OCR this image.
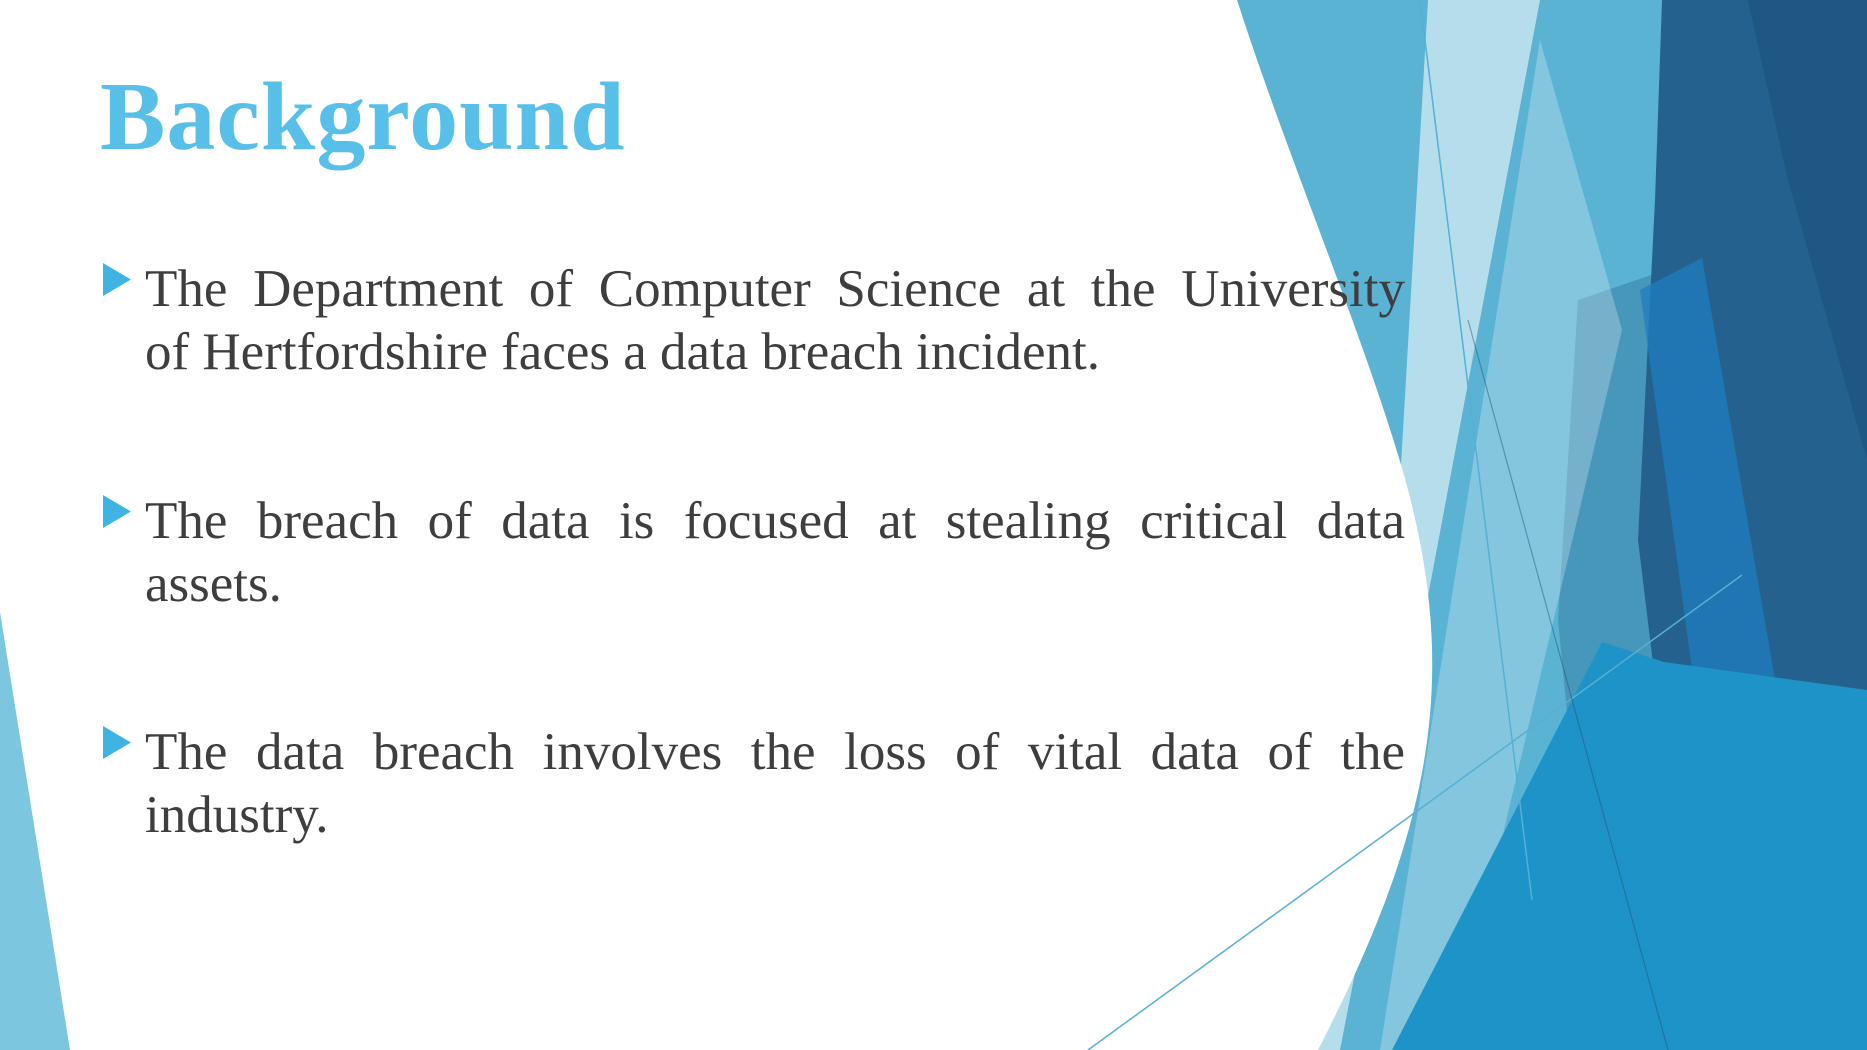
Background
The Department of Computer Science at the University
of Hertfordshire faces a data breach incident.
The breach of data is focused at stealing critical data
assets.
The data breach involves the loss of vital data of the
industry.
